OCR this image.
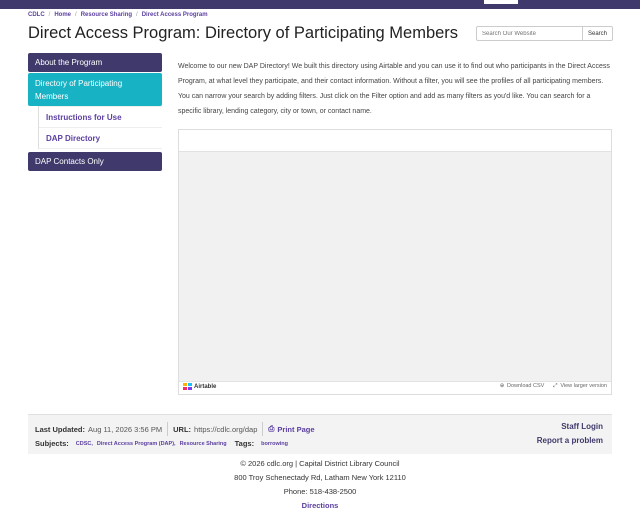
CDLC / Home / Resource Sharing / Direct Access Program
Direct Access Program: Directory of Participating Members
Search Our Website	Search
About the Program
Directory of Participating Members
Instructions for Use
DAP Directory
DAP Contacts Only

Welcome to our new DAP Directory! We built this directory using Airtable and you can use it to find out who participants in the Direct Access Program, at what level they participate, and their contact information. Without a filter, you will see the profiles of all participating members. You can narrow your search by adding filters. Just click on the Filter option and add as many filters as you'd like. You can search for a specific library, lending category, city or town, or contact name.

Airtable	⊕ Download CSV ⤢ View larger version
Last Updated: Aug 11, 2026 3:56 PM URL: https://cdlc.org/dap ⎙ Print Page
Subjects: CDSC, Direct Access Program (DAP), Resource Sharing Tags: borrowing
Staff Login
Report a problem
© 2026 cdlc.org | Capital District Library Council
800 Troy Schenectady Rd, Latham New York 12110
Phone: 518-438-2500
Directions
